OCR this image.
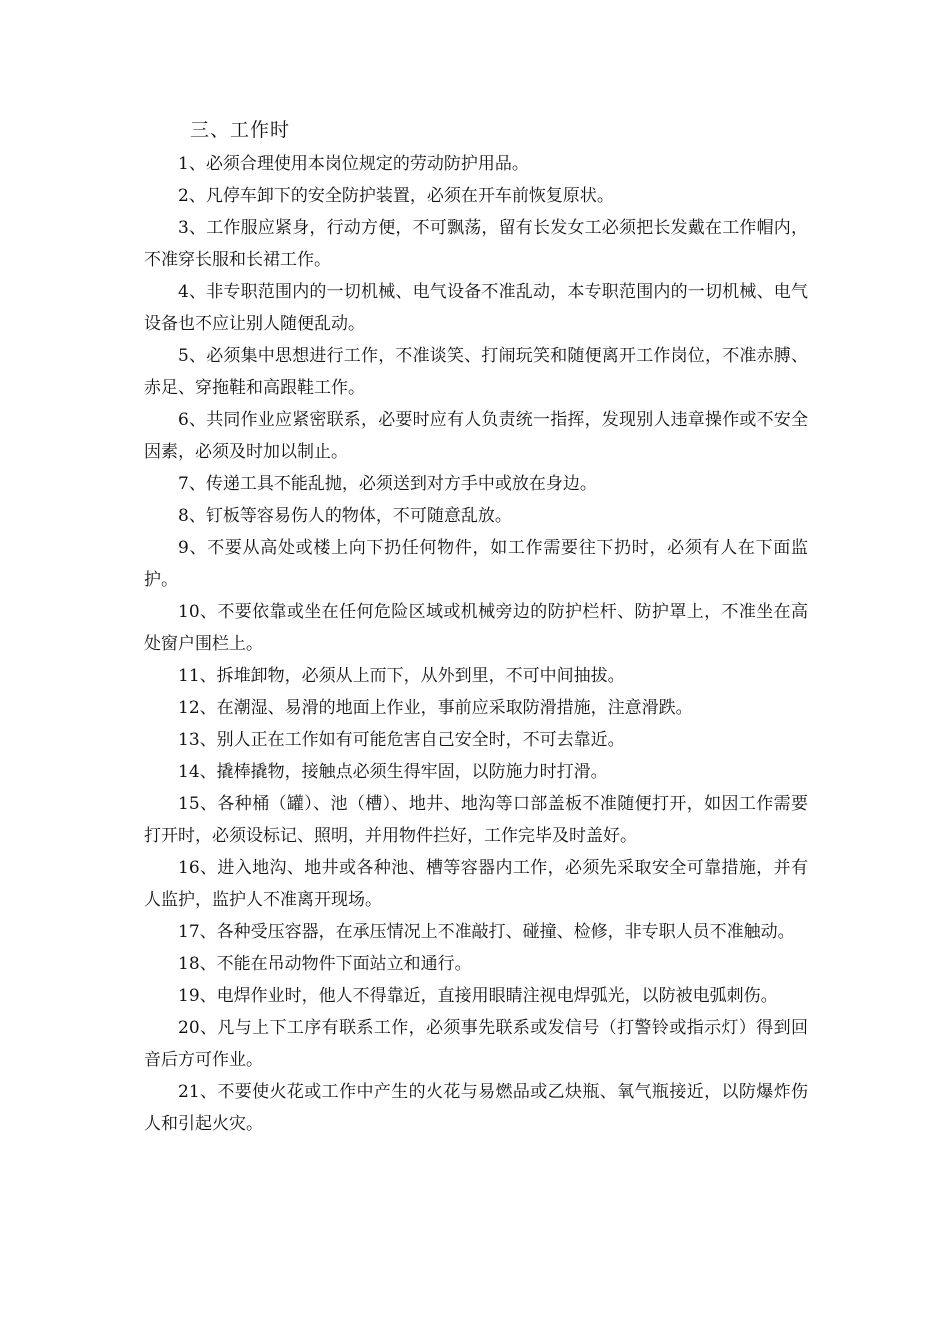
三、工作时

1、必须合理使用本岗位规定的劳动防护用品。

2、凡停车卸下的安全防护装置，必须在开车前恢复原状。

3、工作服应紧身，行动方便，不可飘荡，留有长发女工必须把长发戴在工作帽内，不准穿长服和长裙工作。

4、非专职范围内的一切机械、电气设备不准乱动，本专职范围内的一切机械、电气设备也不应让别人随便乱动。

5、必须集中思想进行工作，不准谈笑、打闹玩笑和随便离开工作岗位，不准赤膊、赤足、穿拖鞋和高跟鞋工作。

6、共同作业应紧密联系，必要时应有人负责统一指挥，发现别人违章操作或不安全因素，必须及时加以制止。

7、传递工具不能乱抛，必须送到对方手中或放在身边。

8、钉板等容易伤人的物体，不可随意乱放。

9、不要从高处或楼上向下扔任何物件，如工作需要往下扔时，必须有人在下面监护。

10、不要依靠或坐在任何危险区域或机械旁边的防护栏杆、防护罩上，不准坐在高处窗户围栏上。

11、拆堆卸物，必须从上而下，从外到里，不可中间抽拔。

12、在潮湿、易滑的地面上作业，事前应采取防滑措施，注意滑跌。

13、别人正在工作如有可能危害自己安全时，不可去靠近。

14、撬棒撬物，接触点必须生得牢固，以防施力时打滑。

15、各种桶（罐）、池（槽）、地井、地沟等口部盖板不准随便打开，如因工作需要打开时，必须设标记、照明，并用物件拦好，工作完毕及时盖好。

16、进入地沟、地井或各种池、槽等容器内工作，必须先采取安全可靠措施，并有人监护，监护人不准离开现场。

17、各种受压容器，在承压情况上不准敲打、碰撞、检修，非专职人员不准触动。

18、不能在吊动物件下面站立和通行。

19、电焊作业时，他人不得靠近，直接用眼睛注视电焊弧光，以防被电弧刺伤。

20、凡与上下工序有联系工作，必须事先联系或发信号（打警铃或指示灯）得到回音后方可作业。

21、不要使火花或工作中产生的火花与易燃品或乙炔瓶、氧气瓶接近，以防爆炸伤人和引起火灾。
